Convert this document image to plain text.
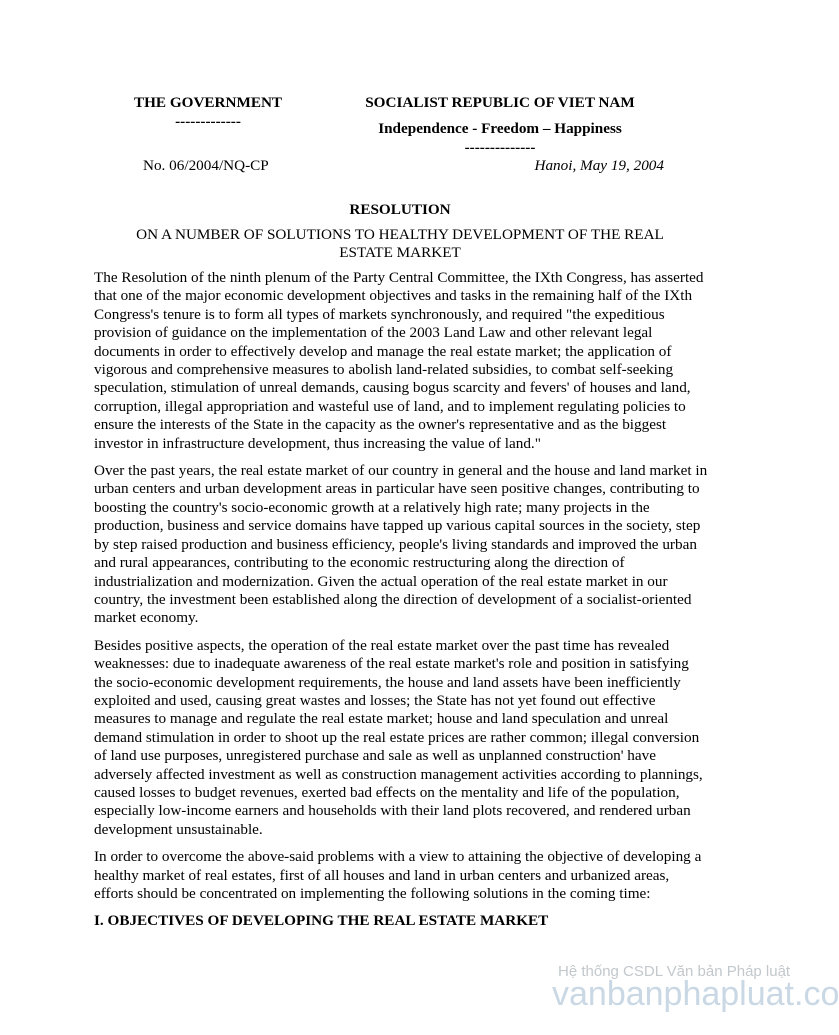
THE GOVERNMENT
-------------
SOCIALIST REPUBLIC OF VIET NAM
Independence - Freedom – Happiness
--------------
No. 06/2004/NQ-CP	Hanoi, May 19, 2004
RESOLUTION
ON A NUMBER OF SOLUTIONS TO HEALTHY DEVELOPMENT OF THE REAL ESTATE MARKET

The Resolution of the ninth plenum of the Party Central Committee, the IXth Congress, has asserted that one of the major economic development objectives and tasks in the remaining half of the IXth Congress's tenure is to form all types of markets synchronously, and required "the expeditious provision of guidance on the implementation of the 2003 Land Law and other relevant legal documents in order to effectively develop and manage the real estate market; the application of vigorous and comprehensive measures to abolish land-related subsidies, to combat self-seeking speculation, stimulation of unreal demands, causing bogus scarcity and fevers' of houses and land, corruption, illegal appropriation and wasteful use of land, and to implement regulating policies to ensure the interests of the State in the capacity as the owner's representative and as the biggest investor in infrastructure development, thus increasing the value of land."

Over the past years, the real estate market of our country in general and the house and land market in urban centers and urban development areas in particular have seen positive changes, contributing to boosting the country's socio-economic growth at a relatively high rate; many projects in the production, business and service domains have tapped up various capital sources in the society, step by step raised production and business efficiency, people's living standards and improved the urban and rural appearances, contributing to the economic restructuring along the direction of industrialization and modernization. Given the actual operation of the real estate market in our country, the investment been established along the direction of development of a socialist-oriented market economy.

Besides positive aspects, the operation of the real estate market over the past time has revealed weaknesses: due to inadequate awareness of the real estate market's role and position in satisfying the socio-economic development requirements, the house and land assets have been inefficiently exploited and used, causing great wastes and losses; the State has not yet found out effective measures to manage and regulate the real estate market; house and land speculation and unreal demand stimulation in order to shoot up the real estate prices are rather common; illegal conversion of land use purposes, unregistered purchase and sale as well as unplanned construction' have adversely affected investment as well as construction management activities according to plannings, caused losses to budget revenues, exerted bad effects on the mentality and life of the population, especially low-income earners and households with their land plots recovered, and rendered urban development unsustainable.

In order to overcome the above-said problems with a view to attaining the objective of developing a healthy market of real estates, first of all houses and land in urban centers and urbanized areas, efforts should be concentrated on implementing the following solutions in the coming time:

I. OBJECTIVES OF DEVELOPING THE REAL ESTATE MARKET
Hệ thống CSDL Văn bản Pháp luật
vanbanphapluat.co
